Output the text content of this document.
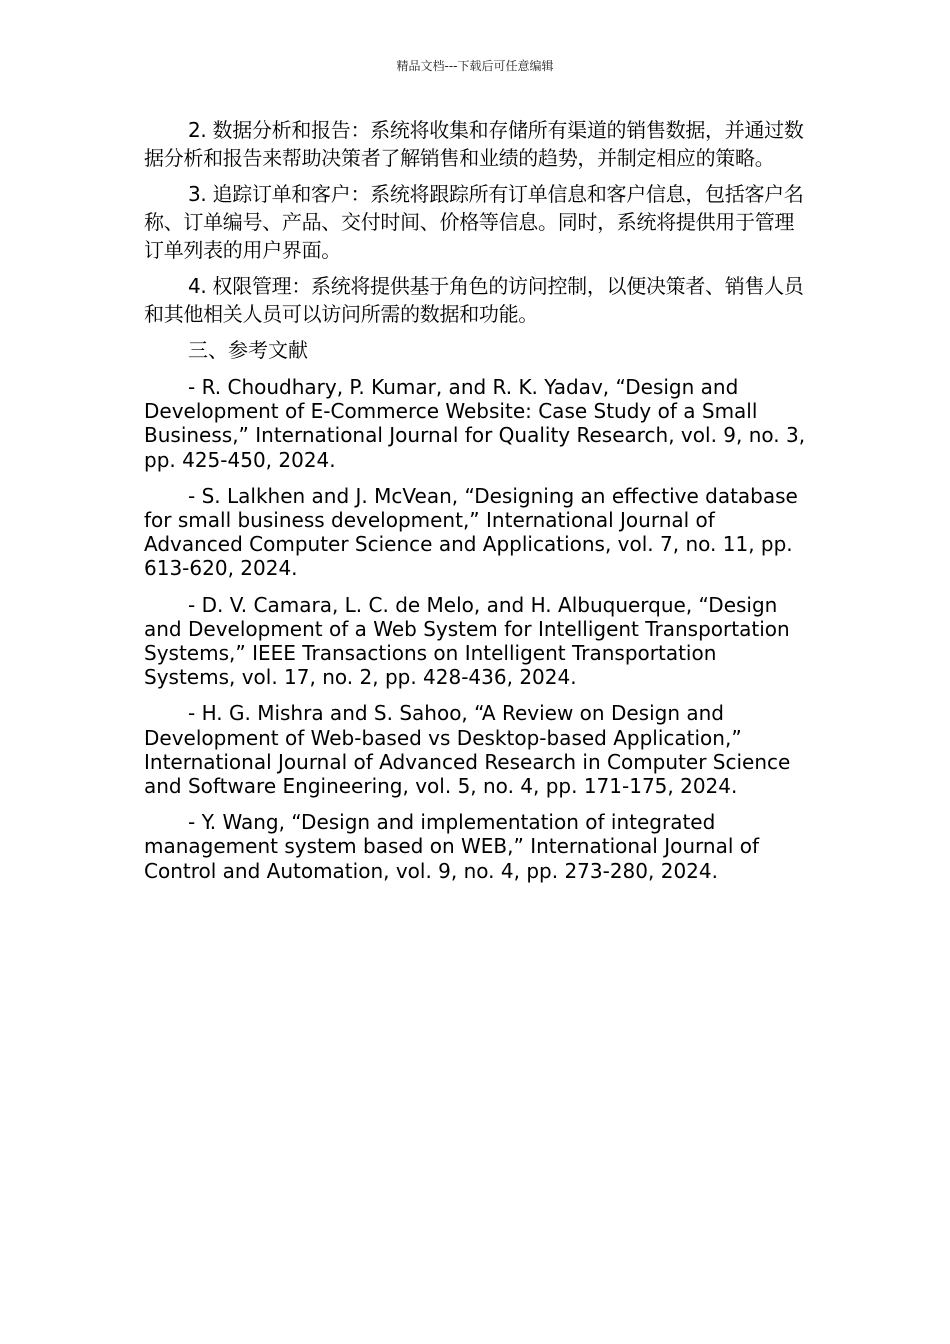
精品文档---下载后可任意编辑

2. 数据分析和报告：系统将收集和存储所有渠道的销售数据，并通过数据分析和报告来帮助决策者了解销售和业绩的趋势，并制定相应的策略。

3. 追踪订单和客户：系统将跟踪所有订单信息和客户信息，包括客户名称、订单编号、产品、交付时间、价格等信息。同时，系统将提供用于管理订单列表的用户界面。

4. 权限管理：系统将提供基于角色的访问控制，以便决策者、销售人员和其他相关人员可以访问所需的数据和功能。

三、参考文献

- R. Choudhary, P. Kumar, and R. K. Yadav, “Design and Development of E-Commerce Website: Case Study of a Small Business,” International Journal for Quality Research, vol. 9, no. 3, pp. 425-450, 2024.

- S. Lalkhen and J. McVean, “Designing an effective database for small business development,” International Journal of Advanced Computer Science and Applications, vol. 7, no. 11, pp. 613-620, 2024.

- D. V. Camara, L. C. de Melo, and H. Albuquerque, “Design and Development of a Web System for Intelligent Transportation Systems,” IEEE Transactions on Intelligent Transportation Systems, vol. 17, no. 2, pp. 428-436, 2024.

- H. G. Mishra and S. Sahoo, “A Review on Design and Development of Web-based vs Desktop-based Application,” International Journal of Advanced Research in Computer Science and Software Engineering, vol. 5, no. 4, pp. 171-175, 2024.

- Y. Wang, “Design and implementation of integrated management system based on WEB,” International Journal of Control and Automation, vol. 9, no. 4, pp. 273-280, 2024.
